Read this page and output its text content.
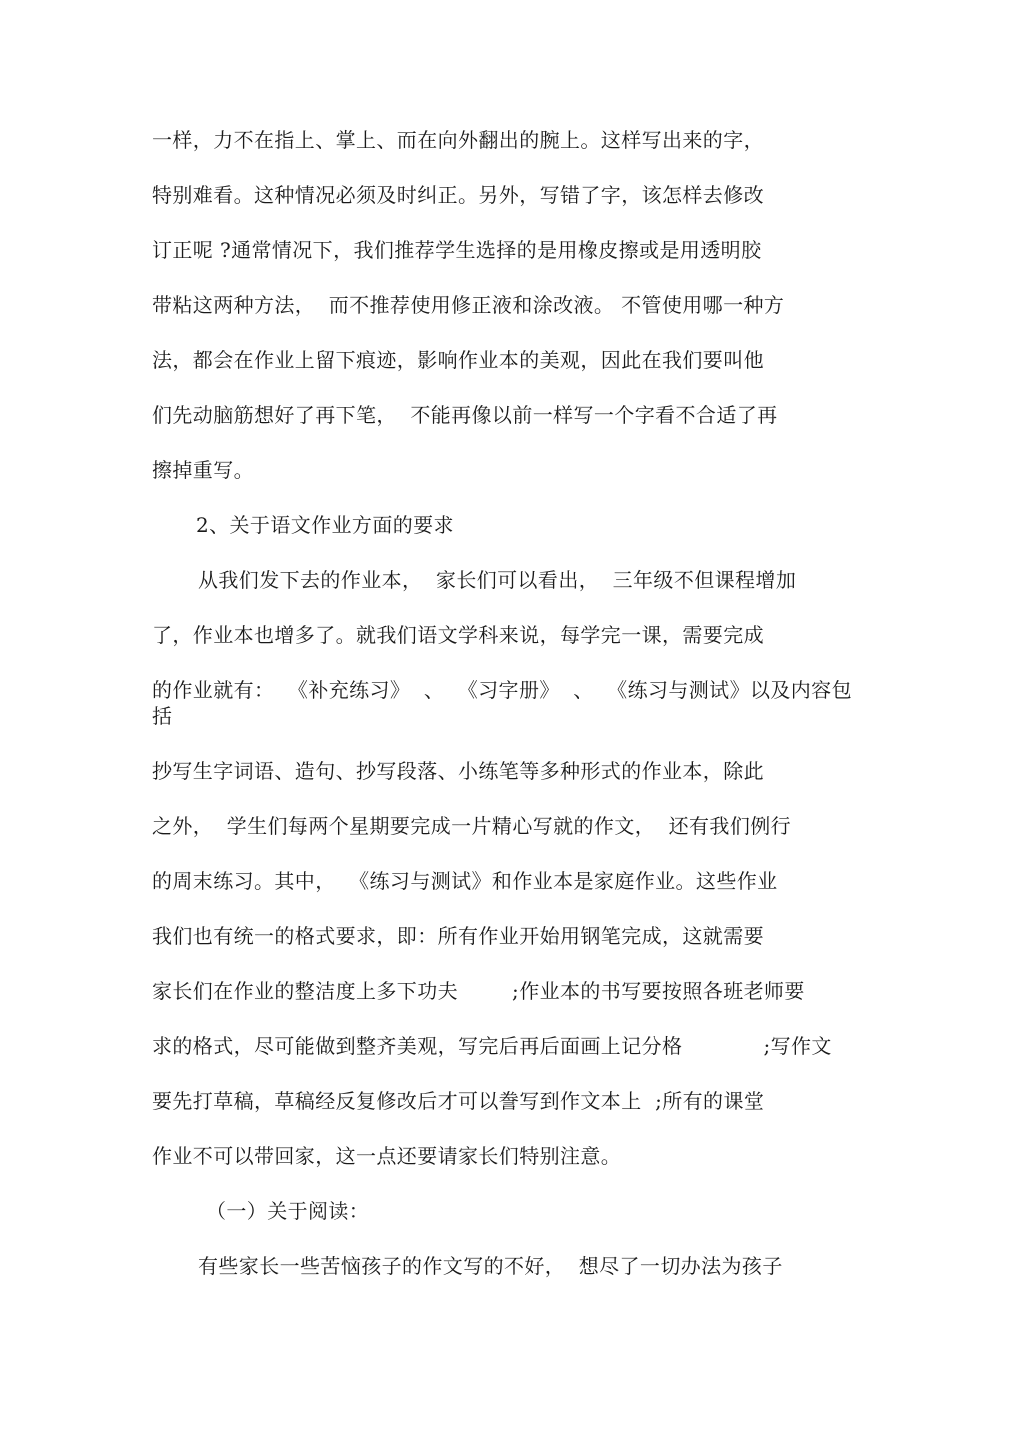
一样，力不在指上、掌上、而在向外翻出的腕上。这样写出来的字，
特别难看。这种情况必须及时纠正。另外，写错了字，该怎样去修改
订正呢 ?通常情况下，我们推荐学生选择的是用橡皮擦或是用透明胶
带粘这两种方法，  而不推荐使用修正液和涂改液。 不管使用哪一种方
法，都会在作业上留下痕迹，影响作业本的美观，因此在我们要叫他
们先动脑筋想好了再下笔，  不能再像以前一样写一个字看不合适了再
擦掉重写。
2、关于语文作业方面的要求
从我们发下去的作业本，  家长们可以看出，  三年级不但课程增加
了，作业本也增多了。就我们语文学科来说，每学完一课，需要完成
的作业就有：  《补充练习》  、  《习字册》  、  《练习与测试》以及内容包
括
抄写生字词语、造句、抄写段落、小练笔等多种形式的作业本，除此
之外，  学生们每两个星期要完成一片精心写就的作文，  还有我们例行
的周末练习。其中，  《练习与测试》和作业本是家庭作业。这些作业
我们也有统一的格式要求，即：所有作业开始用钢笔完成，这就需要
家长们在作业的整洁度上多下功夫        ;作业本的书写要按照各班老师要
求的格式，尽可能做到整齐美观，写完后再后面画上记分格            ;写作文
要先打草稿，草稿经反复修改后才可以誊写到作文本上  ;所有的课堂
作业不可以带回家，这一点还要请家长们特别注意。
（一）关于阅读：
有些家长一些苦恼孩子的作文写的不好，  想尽了一切办法为孩子
